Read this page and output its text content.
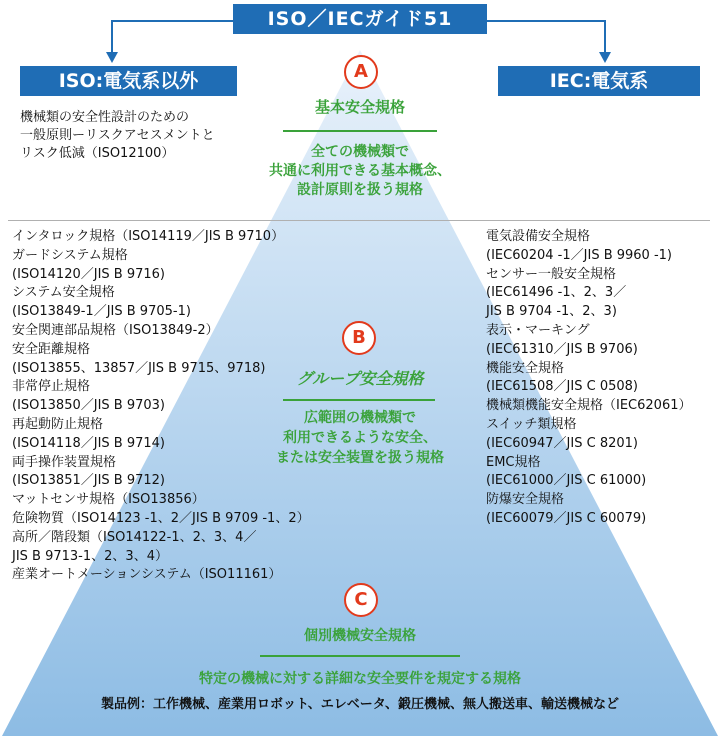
ISO／IECガイド51
ISO:電気系以外	IEC:電気系
機械類の安全性設計のための
一般原則ーリスクアセスメントと
リスク低減（ISO12100）
A
基本安全規格
全ての機械類で
共通に利用できる基本概念、
設計原則を扱う規格
B
グループ安全規格
広範囲の機械類で
利用できるような安全、
または安全装置を扱う規格
C
個別機械安全規格
特定の機械に対する詳細な安全要件を規定する規格
製品例：工作機械、産業用ロボット、エレベータ、鍛圧機械、無人搬送車、輸送機械など
インタロック規格（ISO14119／JIS B 9710）
ガードシステム規格
(ISO14120／JIS B 9716)
システム安全規格
(ISO13849-1／JIS B 9705-1)
安全関連部品規格（ISO13849-2）
安全距離規格
(ISO13855、13857／JIS B 9715、9718)
非常停止規格
(ISO13850／JIS B 9703)
再起動防止規格
(ISO14118／JIS B 9714)
両手操作装置規格
(ISO13851／JIS B 9712)
マットセンサ規格（ISO13856）
危険物質（ISO14123 -1、2／JIS B 9709 -1、2）
高所／階段類（ISO14122-1、2、3、4／
JIS B 9713-1、2、3、4）
産業オートメーションシステム（ISO11161）
電気設備安全規格
(IEC60204 -1／JIS B 9960 -1)
センサー一般安全規格
(IEC61496 -1、2、3／
JIS B 9704 -1、2、3)
表示・マーキング
(IEC61310／JIS B 9706)
機能安全規格
(IEC61508／JIS C 0508)
機械類機能安全規格（IEC62061）
スイッチ類規格
(IEC60947／JIS C 8201)
EMC規格
(IEC61000／JIS C 61000)
防爆安全規格
(IEC60079／JIS C 60079)
